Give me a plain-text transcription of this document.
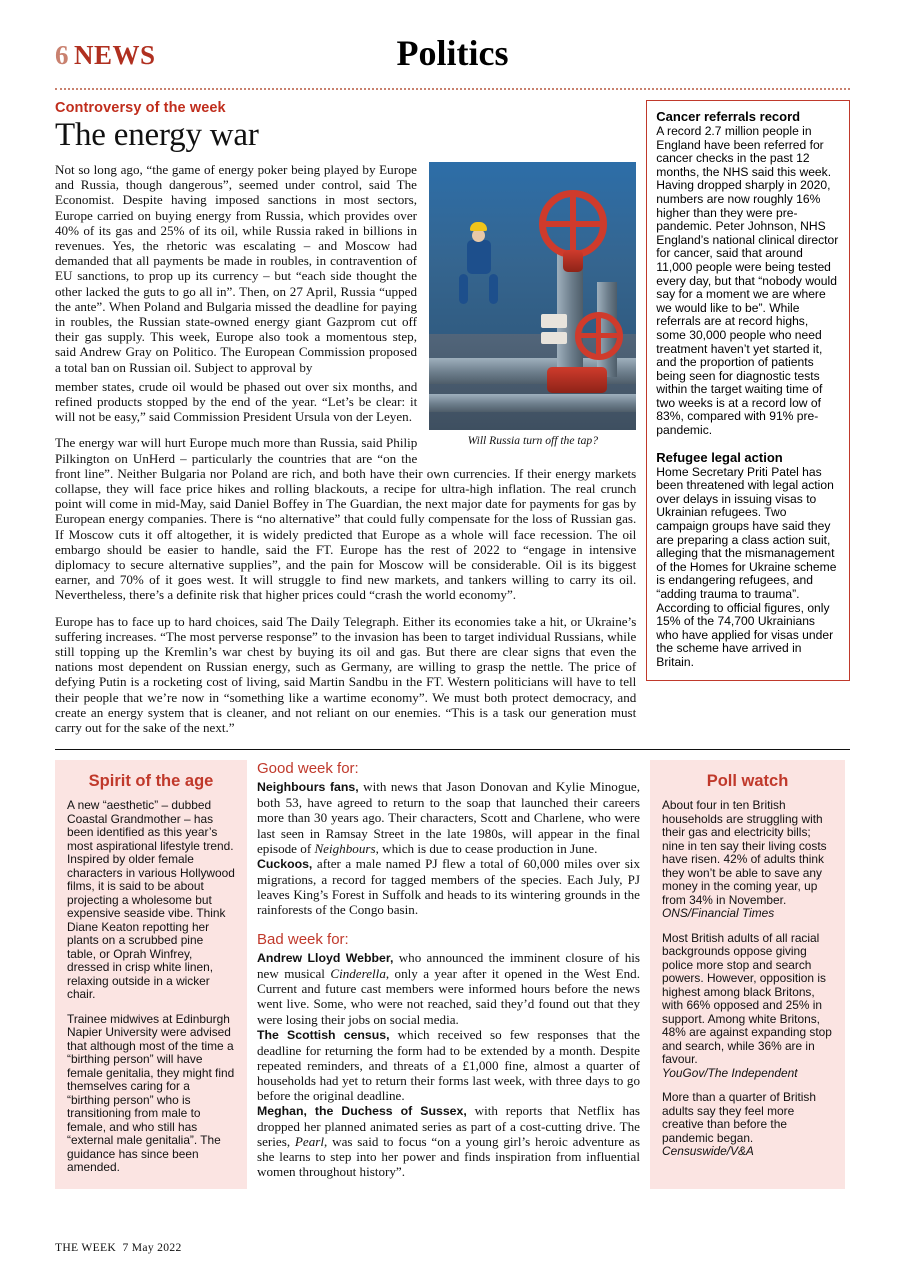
6 NEWS	Politics
Controversy of the week
The energy war
Will Russia turn off the tap?

Not so long ago, “the game of energy poker being played by Europe and Russia, though dangerous”, seemed under control, said The Economist. Despite having imposed sanctions in most sectors, Europe carried on buying energy from Russia, which provides over 40% of its gas and 25% of its oil, while Russia raked in billions in revenues. Yes, the rhetoric was escalating – and Moscow had demanded that all payments be made in roubles, in contravention of EU sanctions, to prop up its currency – but “each side thought the other lacked the guts to go all in”. Then, on 27 April, Russia “upped the ante”. When Poland and Bulgaria missed the deadline for paying in roubles, the Russian state-owned energy giant Gazprom cut off their gas supply. This week, Europe also took a momentous step, said Andrew Gray on Politico. The European Commission proposed a total ban on Russian oil. Subject to approval by

member states, crude oil would be phased out over six months, and refined products stopped by the end of the year. “Let’s be clear: it will not be easy,” said Commission President Ursula von der Leyen.

The energy war will hurt Europe much more than Russia, said Philip Pilkington on UnHerd – particularly the countries that are “on the front line”. Neither Bulgaria nor Poland are rich, and both have their own currencies. If their energy markets collapse, they will face price hikes and rolling blackouts, a recipe for ultra-high inflation. The real crunch point will come in mid-May, said Daniel Boffey in The Guardian, the next major date for payments for gas by European energy companies. There is “no alternative” that could fully compensate for the loss of Russian gas. If Moscow cuts it off altogether, it is widely predicted that Europe as a whole will face recession. The oil embargo should be easier to handle, said the FT. Europe has the rest of 2022 to “engage in intensive diplomacy to secure alternative supplies”, and the pain for Moscow will be considerable. Oil is its biggest earner, and 70% of it goes west. It will struggle to find new markets, and tankers willing to carry its oil. Nevertheless, there’s a definite risk that higher prices could “crash the world economy”.

Europe has to face up to hard choices, said The Daily Telegraph. Either its economies take a hit, or Ukraine’s suffering increases. “The most perverse response” to the invasion has been to target individual Russians, while still topping up the Kremlin’s war chest by buying its oil and gas. But there are clear signs that even the nations most dependent on Russian energy, such as Germany, are willing to grasp the nettle. The price of defying Putin is a rocketing cost of living, said Martin Sandbu in the FT. Western politicians will have to tell their people that we’re now in “something like a wartime economy”. We must both protect democracy, and create an energy system that is cleaner, and not reliant on our enemies. “This is a task our generation must carry out for the sake of the next.”

Cancer referrals record

A record 2.7 million people in England have been referred for cancer checks in the past 12 months, the NHS said this week. Having dropped sharply in 2020, numbers are now roughly 16% higher than they were pre-pandemic. Peter Johnson, NHS England’s national clinical director for cancer, said that around 11,000 people were being tested every day, but that “nobody would say for a moment we are where we would like to be”. While referrals are at record highs, some 30,000 people who need treatment haven’t yet started it, and the proportion of patients being seen for diagnostic tests within the target waiting time of two weeks is at a record low of 83%, compared with 91% pre-pandemic.

Refugee legal action

Home Secretary Priti Patel has been threatened with legal action over delays in issuing visas to Ukrainian refugees. Two campaign groups have said they are preparing a class action suit, alleging that the mismanagement of the Homes for Ukraine scheme is endangering refugees, and “adding trauma to trauma”. According to official figures, only 15% of the 74,700 Ukrainians who have applied for visas under the scheme have arrived in Britain.

Spirit of the age

A new “aesthetic” – dubbed Coastal Grandmother – has been identified as this year’s most aspirational lifestyle trend. Inspired by older female characters in various Hollywood films, it is said to be about projecting a wholesome but expensive seaside vibe. Think Diane Keaton repotting her plants on a scrubbed pine table, or Oprah Winfrey, dressed in crisp white linen, relaxing outside in a wicker chair.

Trainee midwives at Edinburgh Napier University were advised that although most of the time a “birthing person” will have female genitalia, they might find themselves caring for a “birthing person” who is transitioning from male to female, and who still has “external male genitalia”. The guidance has since been amended.

Good week for:

Neighbours fans, with news that Jason Donovan and Kylie Minogue, both 53, have agreed to return to the soap that launched their careers more than 30 years ago. Their characters, Scott and Charlene, who were last seen in Ramsay Street in the late 1980s, will appear in the final episode of Neighbours, which is due to cease production in June.

Cuckoos, after a male named PJ flew a total of 60,000 miles over six migrations, a record for tagged members of the species. Each July, PJ leaves King’s Forest in Suffolk and heads to its wintering grounds in the rainforests of the Congo basin.

Bad week for:

Andrew Lloyd Webber, who announced the imminent closure of his new musical Cinderella, only a year after it opened in the West End. Current and future cast members were informed hours before the news went live. Some, who were not reached, said they’d found out that they were losing their jobs on social media.

The Scottish census, which received so few responses that the deadline for returning the form had to be extended by a month. Despite repeated reminders, and threats of a £1,000 fine, almost a quarter of households had yet to return their forms last week, with three days to go before the original deadline.

Meghan, the Duchess of Sussex, with reports that Netflix has dropped her planned animated series as part of a cost-cutting drive. The series, Pearl, was said to focus “on a young girl’s heroic adventure as she learns to step into her power and finds inspiration from influential women throughout history”.

Poll watch

About four in ten British households are struggling with their gas and electricity bills; nine in ten say their living costs have risen. 42% of adults think they won’t be able to save any money in the coming year, up from 34% in November.
ONS/Financial Times

Most British adults of all racial backgrounds oppose giving police more stop and search powers. However, opposition is highest among black Britons, with 66% opposed and 25% in support. Among white Britons, 48% are against expanding stop and search, while 36% are in favour.
YouGov/The Independent

More than a quarter of British adults say they feel more creative than before the pandemic began.
Censuswide/V&A

THE WEEK 7 May 2022
